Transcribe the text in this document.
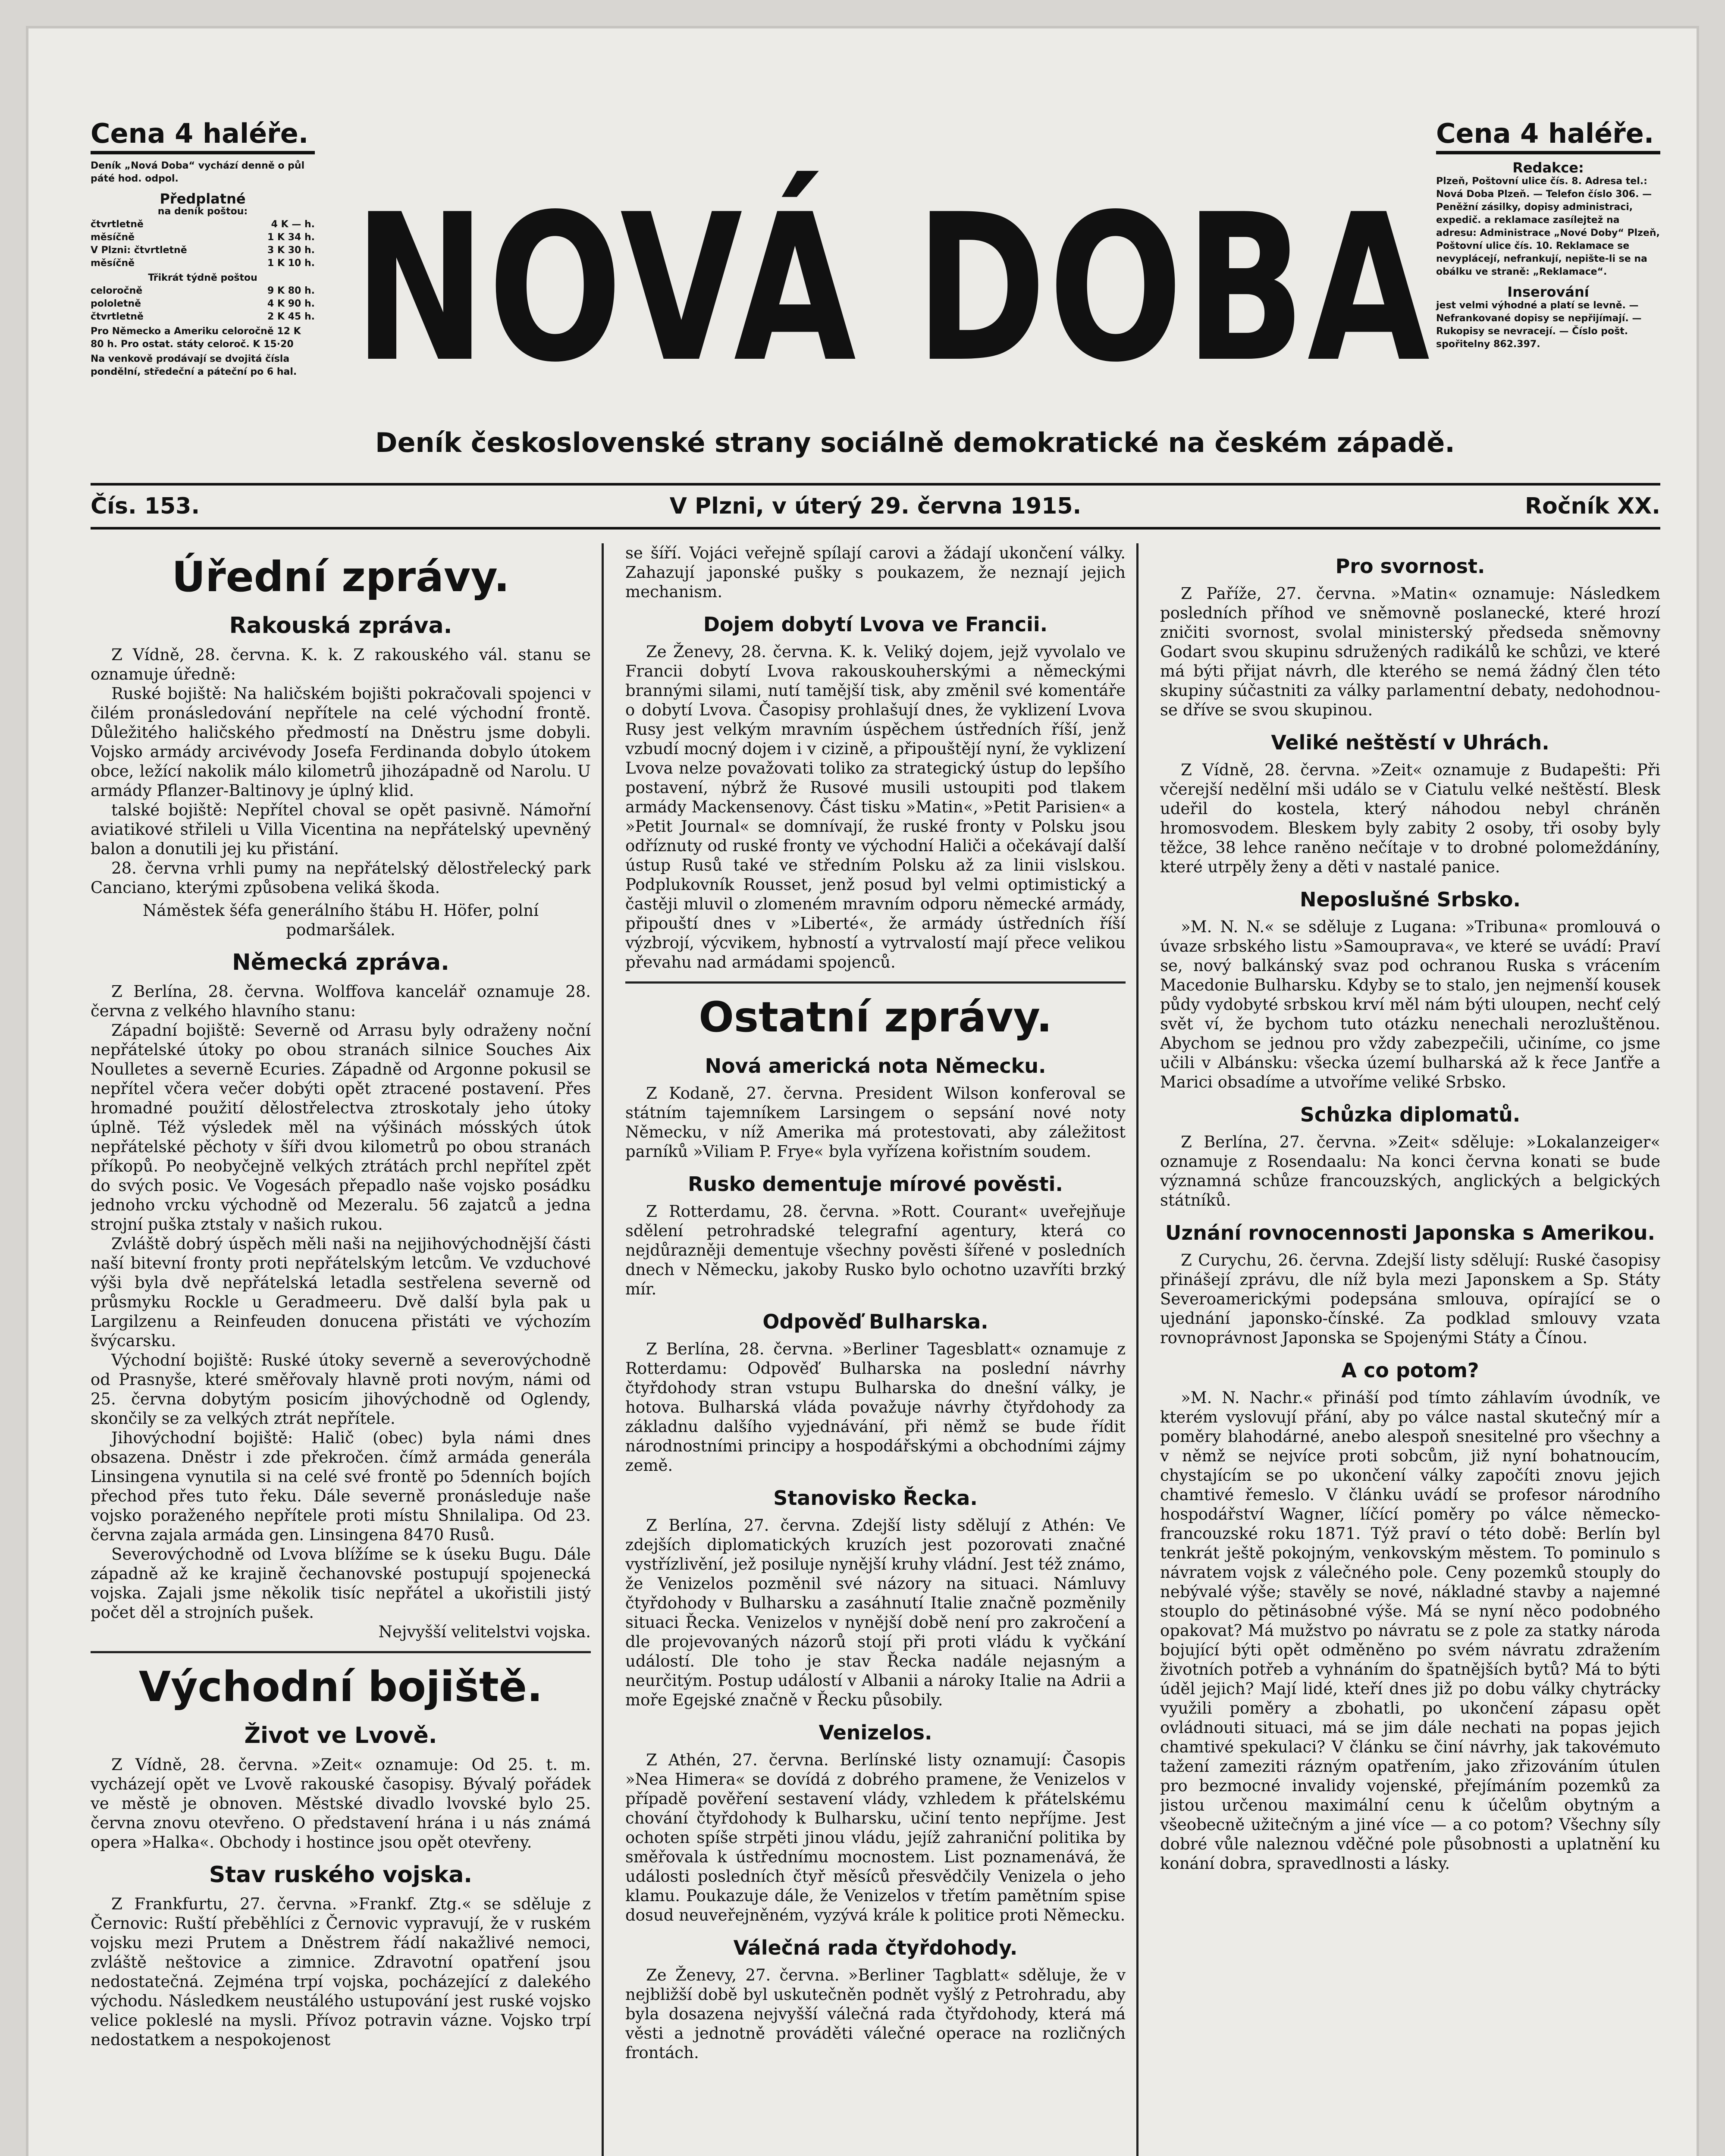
Cena 4 haléře.

Deník „Nová Doba“ vychází denně o půl páté hod. odpol.

Předplatné

na deník poštou:

čtvrtletně	4 K — h.
měsíčně	1 K 34 h.
V Plzni: čtvrtletně	3 K 30 h.
měsíčně	1 K 10 h.

Třikrát týdně poštou

celoročně	9 K 80 h.
pololetně	4 K 90 h.
čtvrtletně	2 K 45 h.

Pro Německo a Ameriku celoročně 12 K 80 h. Pro ostat. státy celoroč. K 15·20

Na venkově prodávají se dvojitá čísla pondělní, středeční a páteční po 6 hal. NOVÁ DOBA
Deník československé strany sociálně demokratické na českém západě.
Cena 4 haléře.
Redakce:

Plzeň, Poštovní ulice čís. 8. Adresa tel.: Nová Doba Plzeň. — Telefon číslo 306. — Peněžní zásilky, dopisy administraci, expedič. a reklamace zasílejtež na adresu: Administrace „Nové Doby“ Plzeň, Poštovní ulice čís. 10. Reklamace se nevyplácejí, nefrankují, nepište-li se na obálku ve straně: „Reklamace“.

Inserování

jest velmi výhodné a platí se levně. — Nefrankované dopisy se nepřijímají. — Rukopisy se nevracejí. — Číslo pošt. spořitelny 862.397.

Čís. 153.	V Plzni, v úterý 29. června 1915.	Ročník XX.
Úřední zprávy.
Rakouská zpráva.

Z Vídně, 28. června. K. k. Z rakouského vál. stanu se oznamuje úředně:

Ruské bojiště: Na haličském bojišti pokračovali spojenci v čilém pronásledování nepřítele na celé východní frontě. Důležitého haličského předmostí na Dněstru jsme dobyli. Vojsko armády arcivévody Josefa Ferdinanda dobylo útokem obce, ležící nakolik málo kilometrů jihozápadně od Narolu. U armády Pflanzer-Baltinovy je úplný klid.

talské bojiště: Nepřítel choval se opět pasivně. Námořní aviatikové střileli u Villa Vicentina na nepřátelský upevněný balon a donutili jej ku přistání.

28. června vrhli pumy na nepřátelský dělostřelecký park Canciano, kterými způsobena veliká škoda.

Náměstek šéfa generálního štábu H. Höfer, polní podmaršálek.

Německá zpráva.

Z Berlína, 28. června. Wolffova kancelář oznamuje 28. června z velkého hlavního stanu:

Západní bojiště: Severně od Arrasu byly odraženy noční nepřátelské útoky po obou stranách silnice Souches Aix Noulletes a severně Ecuries. Západně od Argonne pokusil se nepřítel včera večer dobýti opět ztracené postavení. Přes hromadné použití dělostřelectva ztroskotaly jeho útoky úplně. Též výsledek měl na výšinách mósských útok nepřátelské pěchoty v šíři dvou kilometrů po obou stranách příkopů. Po neobyčejně velkých ztrátách prchl nepřítel zpět do svých posic. Ve Vogesách přepadlo naše vojsko posádku jednoho vrcku východně od Mezeralu. 56 zajatců a jedna strojní puška ztstaly v našich rukou.

Zvláště dobrý úspěch měli naši na nejjihovýchodnější části naší bitevní fronty proti nepřátelským letcům. Ve vzduchové výši byla dvě nepřátelská letadla sestřelena severně od průsmyku Rockle u Geradmeeru. Dvě další byla pak u Largilzenu a Reinfeuden donucena přistáti ve výchozím švýcarsku.

Východní bojiště: Ruské útoky severně a severovýchodně od Prasnyše, které směřovaly hlavně proti novým, námi od 25. června dobytým posicím jihovýchodně od Oglendy, skončily se za velkých ztrát nepřítele.

Jihovýchodní bojiště: Halič (obec) byla námi dnes obsazena. Dněstr i zde překročen. čímž armáda generála Linsingena vynutila si na celé své frontě po 5denních bojích přechod přes tuto řeku. Dále severně pronásleduje naše vojsko poraženého nepřítele proti místu Shnilalipa. Od 23. června zajala armáda gen. Linsingena 8470 Rusů.

Severovýchodně od Lvova blížíme se k úseku Bugu. Dále západně až ke krajině čechanovské postupují spojenecká vojska. Zajali jsme několik tisíc nepřátel a ukořistili jistý počet děl a strojních pušek.

Nejvyšší velitelstvi vojska.

Východní bojiště.
Život ve Lvově.

Z Vídně, 28. června. »Zeit« oznamuje: Od 25. t. m. vycházejí opět ve Lvově rakouské časopisy. Bývalý pořádek ve městě je obnoven. Městské divadlo lvovské bylo 25. června znovu otevřeno. O představení hrána i u nás známá opera »Halka«. Obchody i hostince jsou opět otevřeny.

Stav ruského vojska.

Z Frankfurtu, 27. června. »Frankf. Ztg.« se sděluje z Černovic: Ruští přeběhlíci z Černovic vypravují, že v ruském vojsku mezi Prutem a Dněstrem řádí nakažlivé nemoci, zvláště neštovice a zimnice. Zdravotní opatření jsou nedostatečná. Zejména trpí vojska, pocházející z dalekého východu. Následkem neustálého ustupování jest ruské vojsko velice pokleslé na mysli. Přívoz potravin vázne. Vojsko trpí nedostatkem a nespokojenost

se šíří. Vojáci veřejně spílají carovi a žádají ukončení války. Zahazují japonské pušky s poukazem, že neznají jejich mechanism.

Dojem dobytí Lvova ve Francii.

Ze Ženevy, 28. června. K. k. Veliký dojem, jejž vyvolalo ve Francii dobytí Lvova rakouskouherskými a německými brannými silami, nutí tamější tisk, aby změnil své komentáře o dobytí Lvova. Časopisy prohlašují dnes, že vyklizení Lvova Rusy jest velkým mravním úspěchem ústředních říší, jenž vzbudí mocný dojem i v cizině, a připouštějí nyní, že vyklizení Lvova nelze považovati toliko za strategický ústup do lepšího postavení, nýbrž že Rusové musili ustoupiti pod tlakem armády Mackensenovy. Část tisku »Matin«, »Petit Parisien« a »Petit Journal« se domnívají, že ruské fronty v Polsku jsou odříznuty od ruské fronty ve východní Haliči a očekávají další ústup Rusů také ve středním Polsku až za linii vislskou. Podplukovník Rousset, jenž posud byl velmi optimistický a častěji mluvil o zlomeném mravním odporu německé armády, připouští dnes v »Liberté«, že armády ústředních říší výzbrojí, výcvikem, hybností a vytrvalostí mají přece velikou převahu nad armádami spojenců.

Ostatní zprávy.
Nová americká nota Německu.

Z Kodaně, 27. června. President Wilson konferoval se státním tajemníkem Larsingem o sepsání nové noty Německu, v níž Amerika má protestovati, aby záležitost parníků »Viliam P. Frye« byla vyřízena kořistním soudem.

Rusko dementuje mírové pověsti.

Z Rotterdamu, 28. června. »Rott. Courant« uveřejňuje sdělení petrohradské telegrafní agentury, která co nejdůrazněji dementuje všechny pověsti šířené v posledních dnech v Německu, jakoby Rusko bylo ochotno uzavříti brzký mír.

Odpověď Bulharska.

Z Berlína, 28. června. »Berliner Tagesblatt« oznamuje z Rotterdamu: Odpověď Bulharska na poslední návrhy čtyřdohody stran vstupu Bulharska do dnešní války, je hotova. Bulharská vláda považuje návrhy čtyřdohody za základnu dalšího vyjednávání, při němž se bude řídit národnostními principy a hospodářskými a obchodními zájmy země.

Stanovisko Řecka.

Z Berlína, 27. června. Zdejší listy sdělují z Athén: Ve zdejších diplomatických kruzích jest pozorovati značné vystřízlivění, jež posiluje nynější kruhy vládní. Jest též známo, že Venizelos pozměnil své názory na situaci. Námluvy čtyřdohody v Bulharsku a zasáhnutí Italie značně pozměnily situaci Řecka. Venizelos v nynější době není pro zakročení a dle projevovaných názorů stojí při proti vládu k vyčkání událostí. Dle toho je stav Řecka nadále nejasným a neurčitým. Postup událostí v Albanii a nároky Italie na Adrii a moře Egejské značně v Řecku působily.

Venizelos.

Z Athén, 27. června. Berlínské listy oznamují: Časopis »Nea Himera« se dovídá z dobrého pramene, že Venizelos v případě pověření sestavení vlády, vzhledem k přátelskému chování čtyřdohody k Bulharsku, učiní tento nepříjme. Jest ochoten spíše strpěti jinou vládu, jejíž zahraniční politika by směřovala k ústřednímu mocnostem. List poznamenává, že události posledních čtyř měsíců přesvědčily Venizela o jeho klamu. Poukazuje dále, že Venizelos v třetím pamětním spise dosud neuveřejněném, vyzývá krále k politice proti Německu.

Válečná rada čtyřdohody.

Ze Ženevy, 27. června. »Berliner Tagblatt« sděluje, že v nejbližší době byl uskutečněn podnět vyšlý z Petrohradu, aby byla dosazena nejvyšší válečná rada čtyřdohody, která má věsti a jednotně prováděti válečné operace na rozličných frontách.

Pro svornost.

Z Paříže, 27. června. »Matin« oznamuje: Následkem posledních příhod ve sněmovně poslanecké, které hrozí zničiti svornost, svolal ministerský předseda sněmovny Godart svou skupinu sdružených radikálů ke schůzi, ve které má býti přijat návrh, dle kterého se nemá žádný člen této skupiny súčastniti za války parlamentní debaty, nedohodnou-se dříve se svou skupinou.

Veliké neštěstí v Uhrách.

Z Vídně, 28. června. »Zeit« oznamuje z Budapešti: Při včerejší nedělní mši událo se v Ciatulu velké neštěstí. Blesk udeřil do kostela, který náhodou nebyl chráněn hromosvodem. Bleskem byly zabity 2 osoby, tři osoby byly těžce, 38 lehce raněno nečítaje v to drobné polomeždáníny, které utrpěly ženy a děti v nastalé panice.

Neposlušné Srbsko.

»M. N. N.« se sděluje z Lugana: »Tribuna« promlouvá o úvaze srbského listu »Samouprava«, ve které se uvádí: Praví se, nový balkánský svaz pod ochranou Ruska s vrácením Macedonie Bulharsku. Kdyby se to stalo, jen nejmenší kousek půdy vydobyté srbskou krví měl nám býti uloupen, nechť celý svět ví, že bychom tuto otázku nenechali nerozluštěnou. Abychom se jednou pro vždy zabezpečili, učiníme, co jsme učili v Albánsku: všecka území bulharská až k řece Janťře a Marici obsadíme a utvoříme veliké Srbsko.

Schůzka diplomatů.

Z Berlína, 27. června. »Zeit« sděluje: »Lokalanzeiger« oznamuje z Rosendaalu: Na konci června konati se bude významná schůze francouzských, anglických a belgických státníků.

Uznání rovnocennosti Japonska s Amerikou.

Z Curychu, 26. června. Zdejší listy sdělují: Ruské časopisy přinášejí zprávu, dle níž byla mezi Japonskem a Sp. Státy Severoamerickými podepsána smlouva, opírající se o ujednání japonsko-čínské. Za podklad smlouvy vzata rovnoprávnost Japonska se Spojenými Státy a Čínou.

A co potom?

»M. N. Nachr.« přináší pod tímto záhlavím úvodník, ve kterém vyslovují přání, aby po válce nastal skutečný mír a poměry blahodárné, anebo alespoň snesitelné pro všechny a v němž se nejvíce proti sobcům, již nyní bohatnoucím, chystajícím se po ukončení války započíti znovu jejich chamtivé řemeslo. V článku uvádí se profesor národního hospodářství Wagner, líčící poměry po válce německo-francouzské roku 1871. Týž praví o této době: Berlín byl tenkrát ještě pokojným, venkovským městem. To pominulo s návratem vojsk z válečného pole. Ceny pozemků stouply do nebývalé výše; stavěly se nové, nákladné stavby a najemné stouplo do pětinásobné výše. Má se nyní něco podobného opakovat? Má mužstvo po návratu se z pole za statky národa bojující býti opět odměněno po svém návratu zdražením životních potřeb a vyhnáním do špatnějších bytů? Má to býti úděl jejich? Mají lidé, kteří dnes již po dobu války chytrácky využili poměry a zbohatli, po ukončení zápasu opět ovládnouti situaci, má se jim dále nechati na popas jejich chamtivé spekulaci? V článku se činí návrhy, jak takovémuto tažení zameziti rázným opatřením, jako zřizováním útulen pro bezmocné invalidy vojenské, přejímáním pozemků za jistou určenou maximální cenu k účelům obytným a všeobecně užitečným a jiné více — a co potom? Všechny síly dobré vůle naleznou vděčné pole působnosti a uplatnění ku konání dobra, spravedlnosti a lásky.
